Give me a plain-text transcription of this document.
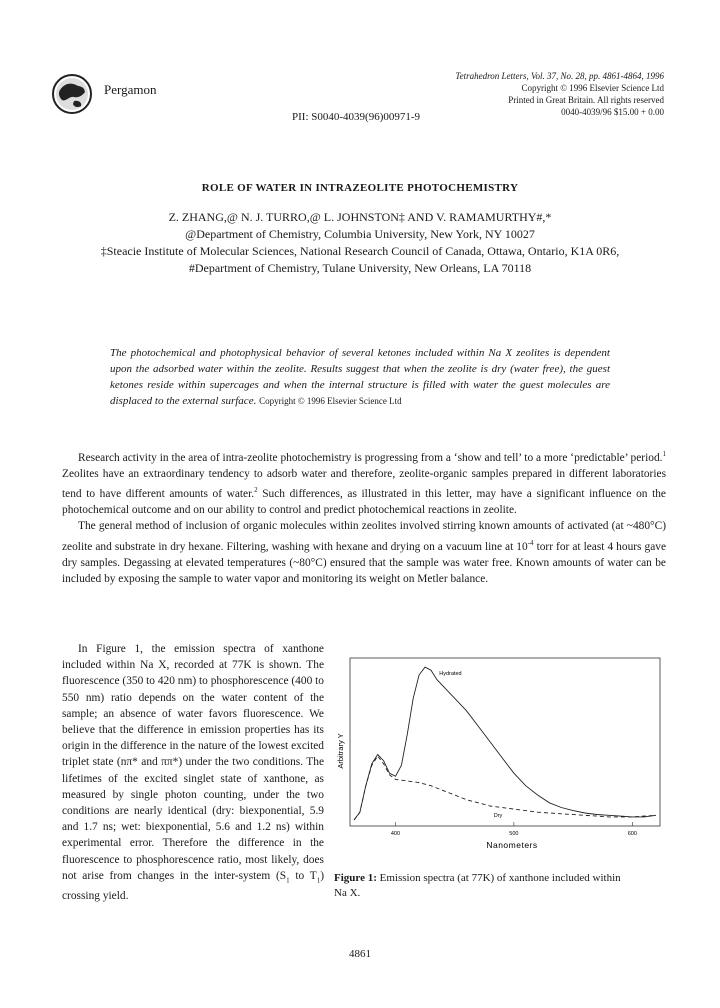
Pergamon
Tetrahedron Letters, Vol. 37, No. 28, pp. 4861-4864, 1996
Copyright © 1996 Elsevier Science Ltd
Printed in Great Britain. All rights reserved
0040-4039/96 $15.00 + 0.00
PII: S0040-4039(96)00971-9
ROLE OF WATER IN INTRAZEOLITE PHOTOCHEMISTRY
Z. ZHANG,@ N. J. TURRO,@ L. JOHNSTON‡ AND V. RAMAMURTHY#,*
@Department of Chemistry, Columbia University, New York, NY 10027
‡Steacie Institute of Molecular Sciences, National Research Council of Canada, Ottawa, Ontario, K1A 0R6,
#Department of Chemistry, Tulane University, New Orleans, LA 70118
The photochemical and photophysical behavior of several ketones included within Na X zeolites is dependent upon the adsorbed water within the zeolite. Results suggest that when the zeolite is dry (water free), the guest ketones reside within supercages and when the internal structure is filled with water the guest molecules are displaced to the external surface. Copyright © 1996 Elsevier Science Ltd

Research activity in the area of intra-zeolite photochemistry is progressing from a ‘show and tell’ to a more ‘predictable’ period.$^1$ Zeolites have an extraordinary tendency to adsorb water and therefore, zeolite-organic samples prepared in different laboratories tend to have different amounts of water.$^2$ Such differences, as illustrated in this letter, may have a significant influence on the photochemical outcome and on our ability to control and predict photochemical reactions in zeolite.

The general method of inclusion of organic molecules within zeolites involved stirring known amounts of activated (at ~480°C) zeolite and substrate in dry hexane. Filtering, washing with hexane and drying on a vacuum line at $10^{-4}$ torr for at least 4 hours gave dry samples. Degassing at elevated temperatures (~80°C) ensured that the sample was water free. Known amounts of water can be included by exposing the sample to water vapor and monitoring its weight on Metler balance.

In Figure 1, the emission spectra of xanthone included within Na X, recorded at 77K is shown. The fluorescence (350 to 420 nm) to phosphorescence (400 to 550 nm) ratio depends on the water content of the sample; an absence of water favors fluorescence. We believe that the difference in emission properties has its origin in the difference in the nature of the lowest excited triplet state (nπ* and ππ*) under the two conditions. The lifetimes of the excited singlet state of xanthone, as measured by single photon counting, under the two conditions are nearly identical (dry: biexponential, 5.9 and 1.7 ns; wet: biexponential, 5.6 and 1.2 ns) within experimental error. Therefore the difference in the fluorescence to phosphorescence ratio, most likely, does not arise from changes in the inter-system ($S_1$ to $T_1$) crossing yield.

400	500	600
Arbitrary Y
Nanometers
Hydrated
Dry
Figure 1: Emission spectra (at 77K) of xanthone included within Na X.
4861
